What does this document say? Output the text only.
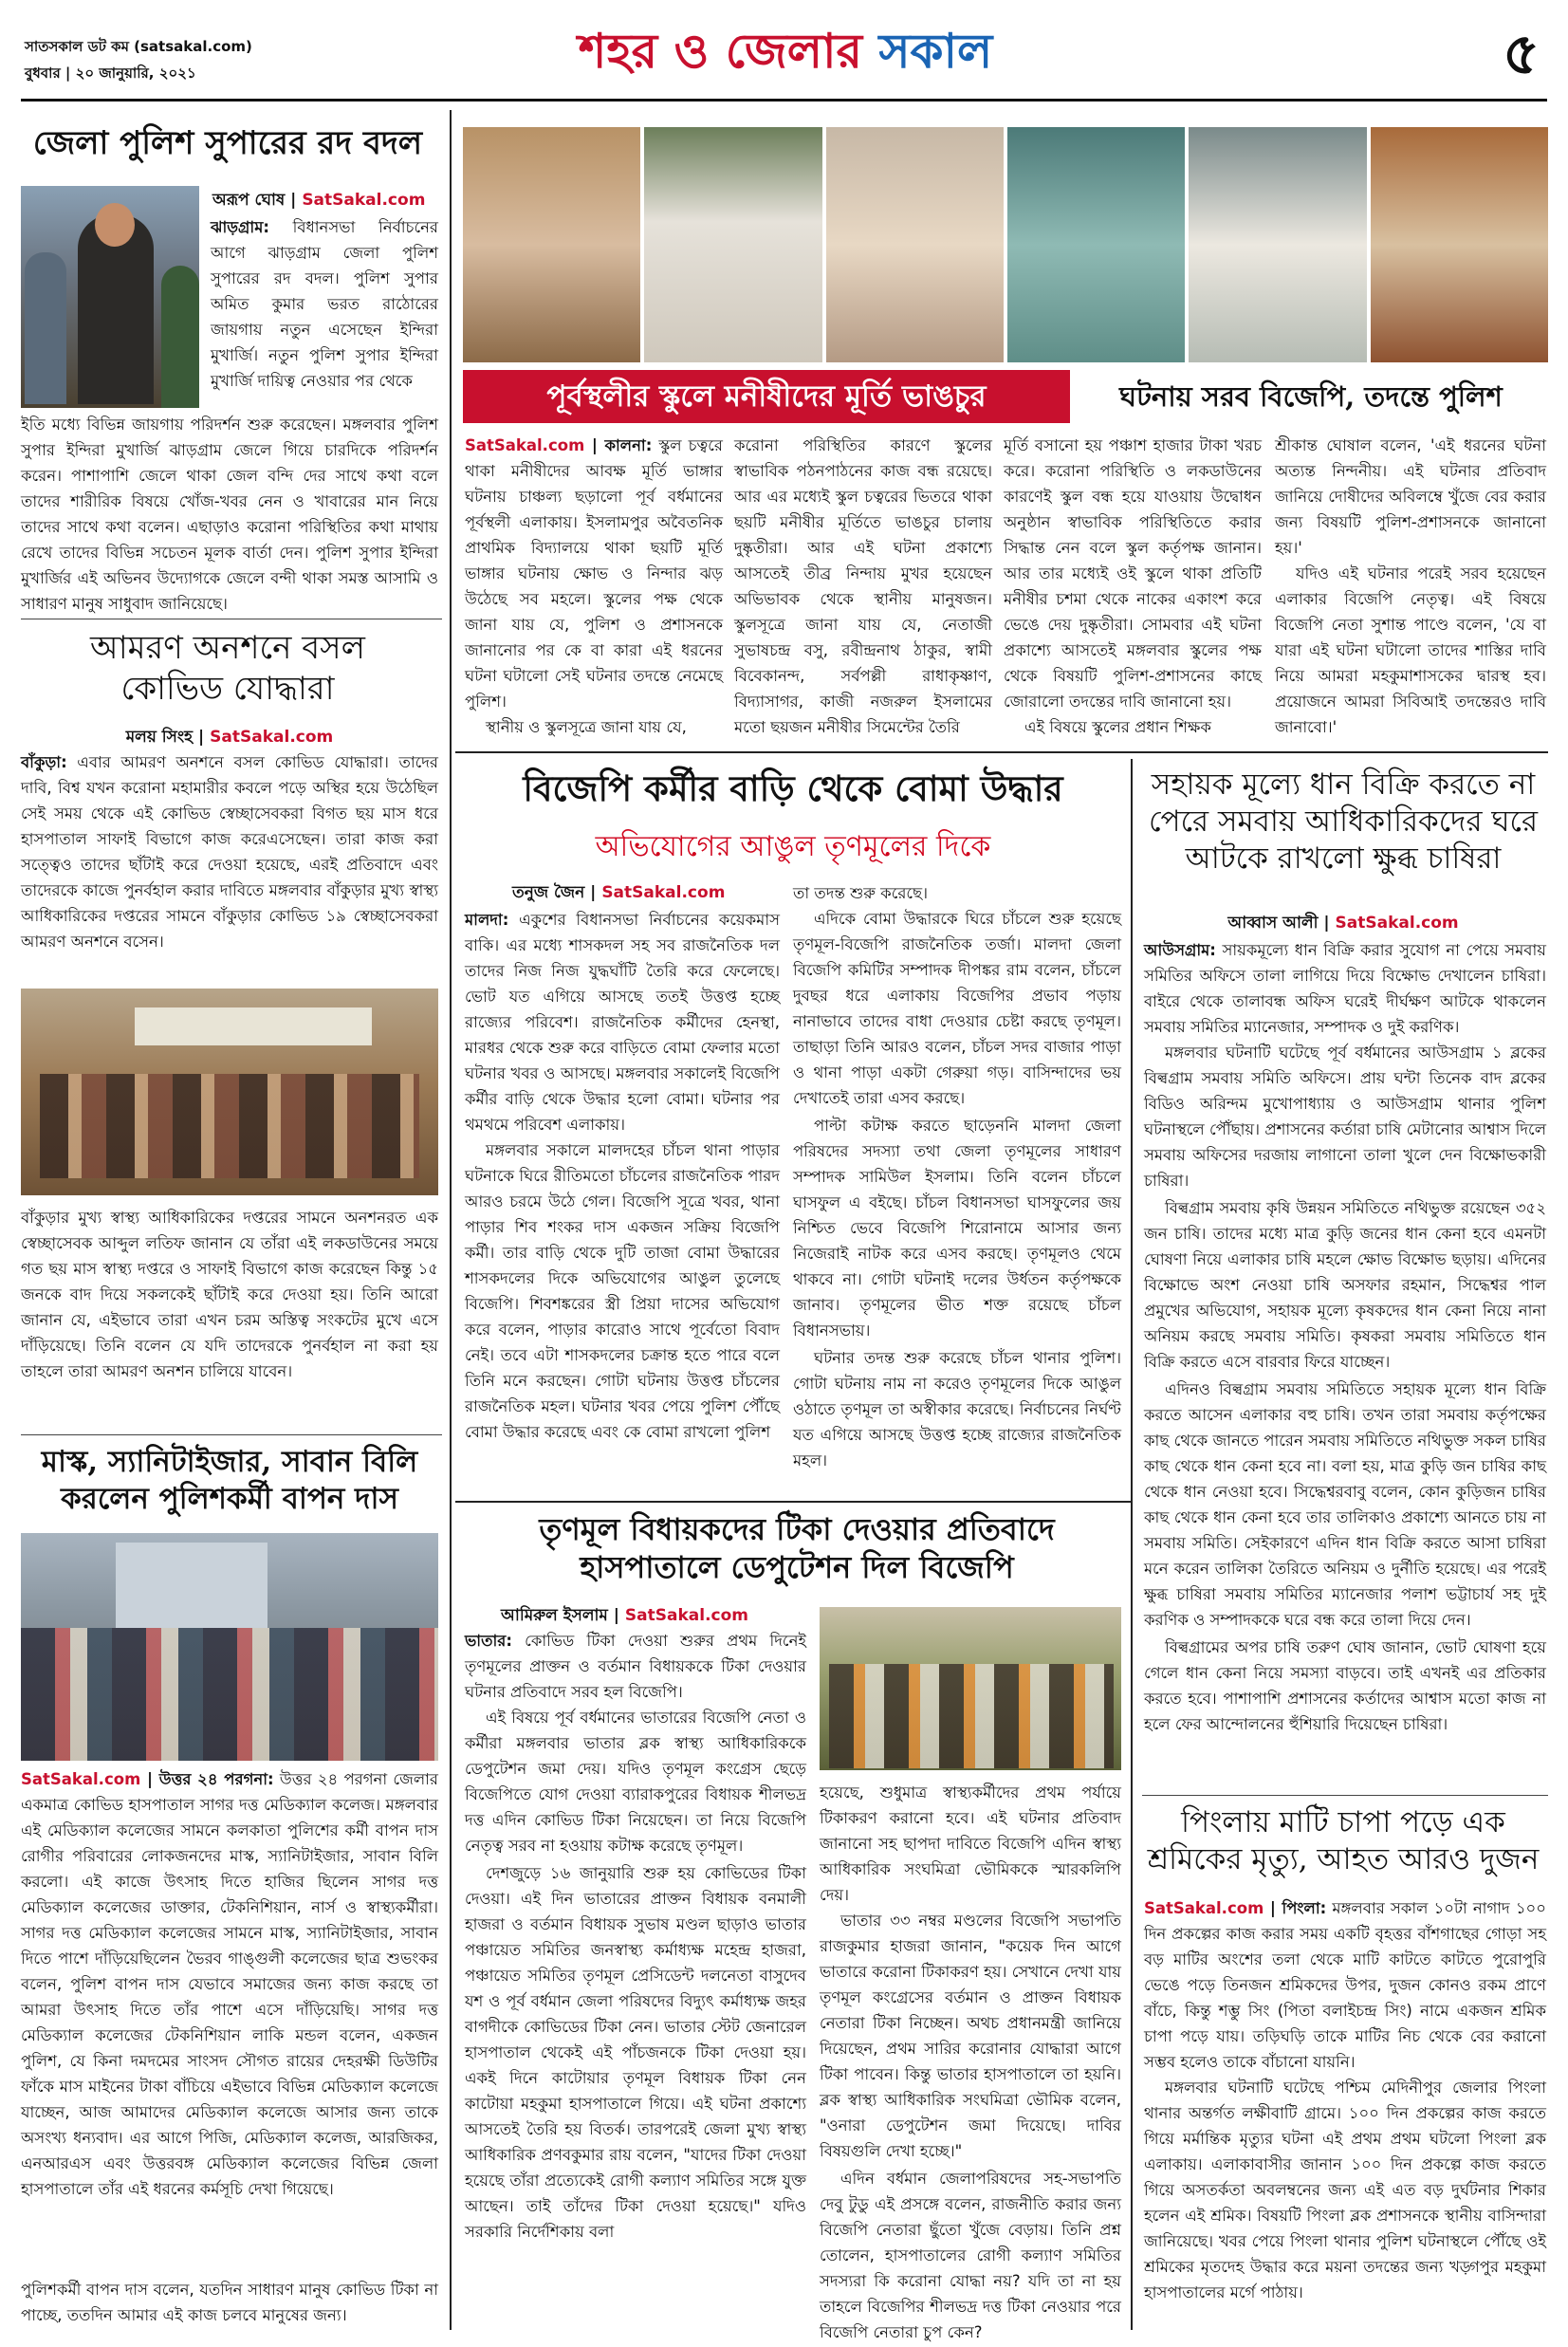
সাতসকাল ডট কম (satsakal.com)
বুধবার | ২০ জানুয়ারি, ২০২১	শহর ও জেলার সকাল	৫
জেলা পুলিশ সুপারের রদ বদল
অরূপ ঘোষ | SatSakal.com
ঝাড়গ্রাম: বিধানসভা নির্বাচনের আগে ঝাড়গ্রাম জেলা পুলিশ সুপারের রদ বদল। পুলিশ সুপার অমিত কুমার ভরত রাঠোরের জায়গায় নতুন এসেছেন ইন্দিরা মুখার্জি। নতুন পুলিশ সুপার ইন্দিরা মুখার্জি দায়িত্ব নেওয়ার পর থেকে
ইতি মধ্যে বিভিন্ন জায়গায় পরিদর্শন শুরু করেছেন। মঙ্গলবার পুলিশ সুপার ইন্দিরা মুখার্জি ঝাড়গ্রাম জেলে গিয়ে চারদিকে পরিদর্শন করেন। পাশাপাশি জেলে থাকা জেল বন্দি দের সাথে কথা বলে তাদের শারীরিক বিষয়ে খোঁজ-খবর নেন ও খাবারের মান নিয়ে তাদের সাথে কথা বলেন। এছাড়াও করোনা পরিস্থিতির কথা মাথায় রেখে তাদের বিভিন্ন সচেতন মূলক বার্তা দেন। পুলিশ সুপার ইন্দিরা মুখার্জির এই অভিনব উদ্যোগকে জেলে বন্দী থাকা সমস্ত আসামি ও সাধারণ মানুষ সাধুবাদ জানিয়েছে।
আমরণ অনশনে বসল কোভিড যোদ্ধারা
মলয় সিংহ | SatSakal.com
বাঁকুড়া: এবার আমরণ অনশনে বসল কোভিড যোদ্ধারা। তাদের দাবি, বিশ্ব যখন করোনা মহামারীর কবলে পড়ে অস্থির হয়ে উঠেছিল সেই সময় থেকে এই কোভিড স্বেচ্ছাসেবকরা বিগত ছয় মাস ধরে হাসপাতাল সাফাই বিভাগে কাজ করেএসেছেন। তারা কাজ করা সত্ত্বেও তাদের ছাঁটাই করে দেওয়া হয়েছে, এরই প্রতিবাদে এবং তাদেরকে কাজে পুনর্বহাল করার দাবিতে মঙ্গলবার বাঁকুড়ার মুখ্য স্বাস্থ্য আধিকারিকের দপ্তরের সামনে বাঁকুড়ার কোভিড ১৯ স্বেচ্ছাসেবকরা আমরণ অনশনে বসেন।
বাঁকুড়ার মুখ্য স্বাস্থ্য আধিকারিকের দপ্তরের সামনে অনশনরত এক স্বেচ্ছাসেবক আব্দুল লতিফ জানান যে তাঁরা এই লকডাউনের সময়ে গত ছয় মাস স্বাস্থ্য দপ্তরে ও সাফাই বিভাগে কাজ করেছেন কিন্তু ১৫ জনকে বাদ দিয়ে সকলকেই ছাঁটাই করে দেওয়া হয়। তিনি আরো জানান যে, এইভাবে তারা এখন চরম অস্তিত্ব সংকটের মুখে এসে দাঁড়িয়েছে। তিনি বলেন যে যদি তাদেরকে পুনর্বহাল না করা হয় তাহলে তারা আমরণ অনশন চালিয়ে যাবেন।
মাস্ক, স্যানিটাইজার, সাবান বিলি করলেন পুলিশকর্মী বাপন দাস
SatSakal.com | উত্তর ২৪ পরগনা: উত্তর ২৪ পরগনা জেলার একমাত্র কোভিড হাসপাতাল সাগর দত্ত মেডিক্যাল কলেজ। মঙ্গলবার এই মেডিক্যাল কলেজের সামনে কলকাতা পুলিশের কর্মী বাপন দাস রোগীর পরিবারের লোকজনদের মাস্ক, স্যানিটাইজার, সাবান বিলি করলো। এই কাজে উৎসাহ দিতে হাজির ছিলেন সাগর দত্ত মেডিক্যাল কলেজের ডাক্তার, টেকনিশিয়ান, নার্স ও স্বাস্থ্যকর্মীরা। সাগর দত্ত মেডিক্যাল কলেজের সামনে মাস্ক, স্যানিটাইজার, সাবান দিতে পাশে দাঁড়িয়েছিলেন ভৈরব গাঙ্গুলী কলেজের ছাত্র শুভংকর বলেন, পুলিশ বাপন দাস যেভাবে সমাজের জন্য কাজ করছে তা আমরা উৎসাহ দিতে তাঁর পাশে এসে দাঁড়িয়েছি। সাগর দত্ত মেডিক্যাল কলেজের টেকনিশিয়ান লাকি মন্ডল বলেন, একজন পুলিশ, যে কিনা দমদমের সাংসদ সৌগত রায়ের দেহরক্ষী ডিউটির ফাঁকে মাস মাইনের টাকা বাঁচিয়ে এইভাবে বিভিন্ন মেডিক্যাল কলেজে যাচ্ছেন, আজ আমাদের মেডিক্যাল কলেজে আসার জন্য তাকে অসংখ্য ধন্যবাদ। এর আগে পিজি, মেডিক্যাল কলেজ, আরজিকর, এনআরএস এবং উত্তরবঙ্গ মেডিক্যাল কলেজের বিভিন্ন জেলা হাসপাতালে তাঁর এই ধরনের কর্মসূচি দেখা গিয়েছে।
পুলিশকর্মী বাপন দাস বলেন, যতদিন সাধারণ মানুষ কোভিড টিকা না পাচ্ছে, ততদিন আমার এই কাজ চলবে মানুষের জন্য।
পূর্বস্থলীর স্কুলে মনীষীদের মূর্তি ভাঙচুর	ঘটনায় সরব বিজেপি, তদন্তে পুলিশ
SatSakal.com | কালনা: স্কুল চত্বরে থাকা মনীষীদের আবক্ষ মূর্তি ভাঙ্গার ঘটনায় চাঞ্চল্য ছড়ালো পূর্ব বর্ধমানের পূর্বস্থলী এলাকায়। ইসলামপুর অবৈতনিক প্রাথমিক বিদ্যালয়ে থাকা ছয়টি মূর্তি ভাঙ্গার ঘটনায় ক্ষোভ ও নিন্দার ঝড় উঠেছে সব মহলে। স্কুলের পক্ষ থেকে জানা যায় যে, পুলিশ ও প্রশাসনকে জানানোর পর কে বা কারা এই ধরনের ঘটনা ঘটালো সেই ঘটনার তদন্তে নেমেছে পুলিশ।

স্থানীয় ও স্কুলসূত্রে জানা যায় যে,

করোনা পরিস্থিতির কারণে স্কুলের স্বাভাবিক পঠনপাঠনের কাজ বন্ধ রয়েছে। আর এর মধ্যেই স্কুল চত্বরের ভিতরে থাকা ছয়টি মনীষীর মূর্তিতে ভাঙচুর চালায় দুষ্কৃতীরা। আর এই ঘটনা প্রকাশ্যে আসতেই তীব্র নিন্দায় মুখর হয়েছেন অভিভাবক থেকে স্থানীয় মানুষজন। স্কুলসূত্রে জানা যায় যে, নেতাজী সুভাষচন্দ্র বসু, রবীন্দ্রনাথ ঠাকুর, স্বামী বিবেকানন্দ, সর্বপল্লী রাধাকৃষ্ণাণ, বিদ্যাসাগর, কাজী নজরুল ইসলামের মতো ছয়জন মনীষীর সিমেন্টের তৈরি
মূর্তি বসানো হয় পঞ্চাশ হাজার টাকা খরচ করে। করোনা পরিস্থিতি ও লকডাউনের কারণেই স্কুল বন্ধ হয়ে যাওয়ায় উদ্বোধন অনুষ্ঠান স্বাভাবিক পরিস্থিতিতে করার সিদ্ধান্ত নেন বলে স্কুল কর্তৃপক্ষ জানান। আর তার মধ্যেই ওই স্কুলে থাকা প্রতিটি মনীষীর চশমা থেকে নাকের একাংশ করে ভেঙে দেয় দুষ্কৃতীরা। সোমবার এই ঘটনা প্রকাশ্যে আসতেই মঙ্গলবার স্কুলের পক্ষ থেকে বিষয়টি পুলিশ-প্রশাসনের কাছে জোরালো তদন্তের দাবি জানানো হয়।

এই বিষয়ে স্কুলের প্রধান শিক্ষক

শ্রীকান্ত ঘোষাল বলেন, 'এই ধরনের ঘটনা অত্যন্ত নিন্দনীয়। এই ঘটনার প্রতিবাদ জানিয়ে দোষীদের অবিলম্বে খুঁজে বের করার জন্য বিষয়টি পুলিশ-প্রশাসনকে জানানো হয়।'

যদিও এই ঘটনার পরেই সরব হয়েছেন এলাকার বিজেপি নেতৃত্ব। এই বিষয়ে বিজেপি নেতা সুশান্ত পাণ্ডে বলেন, 'যে বা যারা এই ঘটনা ঘটালো তাদের শাস্তির দাবি নিয়ে আমরা মহকুমাশাসকের দ্বারস্থ হব। প্রয়োজনে আমরা সিবিআই তদন্তেরও দাবি জানাবো।'

বিজেপি কর্মীর বাড়ি থেকে বোমা উদ্ধার
অভিযোগের আঙুল তৃণমূলের দিকে
তনুজ জৈন | SatSakal.com
মালদা: একুশের বিধানসভা নির্বাচনের কয়েকমাস বাকি। এর মধ্যে শাসকদল সহ সব রাজনৈতিক দল তাদের নিজ নিজ যুদ্ধঘাঁটি তৈরি করে ফেলেছে। ভোট যত এগিয়ে আসছে ততই উত্তপ্ত হচ্ছে রাজ্যের পরিবেশ। রাজনৈতিক কর্মীদের হেনস্থা, মারধর থেকে শুরু করে বাড়িতে বোমা ফেলার মতো ঘটনার খবর ও আসছে। মঙ্গলবার সকালেই বিজেপি কর্মীর বাড়ি থেকে উদ্ধার হলো বোমা। ঘটনার পর থমথমে পরিবেশ এলাকায়।

মঙ্গলবার সকালে মালদহের চাঁচল থানা পাড়ার ঘটনাকে ঘিরে রীতিমতো চাঁচলের রাজনৈতিক পারদ আরও চরমে উঠে গেল। বিজেপি সূত্রে খবর, থানা পাড়ার শিব শংকর দাস একজন সক্রিয় বিজেপি কর্মী। তার বাড়ি থেকে দুটি তাজা বোমা উদ্ধারের শাসকদলের দিকে অভিযোগের আঙুল তুলেছে বিজেপি। শিবশঙ্করের স্ত্রী প্রিয়া দাসের অভিযোগ করে বলেন, পাড়ার কারোও সাথে পূর্বেতো বিবাদ নেই। তবে এটা শাসকদলের চক্রান্ত হতে পারে বলে তিনি মনে করছেন। গোটা ঘটনায় উত্তপ্ত চাঁচলের রাজনৈতিক মহল। ঘটনার খবর পেয়ে পুলিশ পৌঁছে বোমা উদ্ধার করেছে এবং কে বোমা রাখলো পুলিশ

তা তদন্ত শুরু করেছে।

এদিকে বোমা উদ্ধারকে ঘিরে চাঁচলে শুরু হয়েছে তৃণমূল-বিজেপি রাজনৈতিক তর্জা। মালদা জেলা বিজেপি কমিটির সম্পাদক দীপঙ্কর রাম বলেন, চাঁচলে দুবছর ধরে এলাকায় বিজেপির প্রভাব পড়ায় নানাভাবে তাদের বাধা দেওয়ার চেষ্টা করছে তৃণমূল। তাছাড়া তিনি আরও বলেন, চাঁচল সদর বাজার পাড়া ও থানা পাড়া একটা গেরুয়া গড়। বাসিন্দাদের ভয় দেখাতেই তারা এসব করছে।

পাল্টা কটাক্ষ করতে ছাড়েননি মালদা জেলা পরিষদের সদস্যা তথা জেলা তৃণমূলের সাধারণ সম্পাদক সামিউল ইসলাম। তিনি বলেন চাঁচলে ঘাসফুল এ বইছে। চাঁচল বিধানসভা ঘাসফুলের জয় নিশ্চিত ভেবে বিজেপি শিরোনামে আসার জন্য নিজেরাই নাটক করে এসব করছে। তৃণমূলও থেমে থাকবে না। গোটা ঘটনাই দলের উর্ধতন কর্তৃপক্ষকে জানাব। তৃণমূলের ভীত শক্ত রয়েছে চাঁচল বিধানসভায়।

ঘটনার তদন্ত শুরু করেছে চাঁচল থানার পুলিশ। গোটা ঘটনায় নাম না করেও তৃণমূলের দিকে আঙুল ওঠাতে তৃণমূল তা অস্বীকার করেছে। নির্বাচনের নির্ঘণ্ট যত এগিয়ে আসছে উত্তপ্ত হচ্ছে রাজ্যের রাজনৈতিক মহল।

তৃণমূল বিধায়কদের টিকা দেওয়ার প্রতিবাদে হাসপাতালে ডেপুটেশন দিল বিজেপি
আমিরুল ইসলাম | SatSakal.com
ভাতার: কোভিড টিকা দেওয়া শুরুর প্রথম দিনেই তৃণমূলের প্রাক্তন ও বর্তমান বিধায়ককে টিকা দেওয়ার ঘটনার প্রতিবাদে সরব হল বিজেপি।

এই বিষয়ে পূর্ব বর্ধমানের ভাতারের বিজেপি নেতা ও কর্মীরা মঙ্গলবার ভাতার ব্লক স্বাস্থ্য আধিকারিককে ডেপুটেশন জমা দেয়। যদিও তৃণমূল কংগ্রেস ছেড়ে বিজেপিতে যোগ দেওয়া ব্যারাকপুরের বিধায়ক শীলভদ্র দত্ত এদিন কোভিড টিকা নিয়েছেন। তা নিয়ে বিজেপি নেতৃত্ব সরব না হওয়ায় কটাক্ষ করেছে তৃণমূল।

দেশজুড়ে ১৬ জানুয়ারি শুরু হয় কোভিডের টিকা দেওয়া। এই দিন ভাতারের প্রাক্তন বিধায়ক বনমালী হাজরা ও বর্তমান বিধায়ক সুভাষ মণ্ডল ছাড়াও ভাতার পঞ্চায়েত সমিতির জনস্বাস্থ্য কর্মাধ্যক্ষ মহেন্দ্র হাজরা, পঞ্চায়েত সমিতির তৃণমূল প্রেসিডেন্ট দলনেতা বাসুদেব যশ ও পূর্ব বর্ধমান জেলা পরিষদের বিদ্যুৎ কর্মাধ্যক্ষ জহর বাগদীকে কোভিডের টিকা নেন। ভাতার স্টেট জেনারেল হাসপাতাল থেকেই এই পাঁচজনকে টিকা দেওয়া হয়। একই দিনে কাটোয়ার তৃণমূল বিধায়ক টিকা নেন কাটোয়া মহকুমা হাসপাতালে গিয়ে। এই ঘটনা প্রকাশ্যে আসতেই তৈরি হয় বিতর্ক। তারপরেই জেলা মুখ্য স্বাস্থ্য আধিকারিক প্রণবকুমার রায় বলেন, "যাদের টিকা দেওয়া হয়েছে তাঁরা প্রত্যেকেই রোগী কল্যাণ সমিতির সঙ্গে যুক্ত আছেন। তাই তাঁদের টিকা দেওয়া হয়েছে।" যদিও সরকারি নির্দেশিকায় বলা

হয়েছে, শুধুমাত্র স্বাস্থ্যকর্মীদের প্রথম পর্যায়ে টিকাকরণ করানো হবে। এই ঘটনার প্রতিবাদ জানানো সহ ছাপদা দাবিতে বিজেপি এদিন স্বাস্থ্য আধিকারিক সংঘমিত্রা ভৌমিককে স্মারকলিপি দেয়।

ভাতার ৩৩ নম্বর মণ্ডলের বিজেপি সভাপতি রাজকুমার হাজরা জানান, "কয়েক দিন আগে ভাতারে করোনা টিকাকরণ হয়। সেখানে দেখা যায় তৃণমূল কংগ্রেসের বর্তমান ও প্রাক্তন বিধায়ক নেতারা টিকা নিচ্ছেন। অথচ প্রধানমন্ত্রী জানিয়ে দিয়েছেন, প্রথম সারির করোনার যোদ্ধারা আগে টিকা পাবেন। কিন্তু ভাতার হাসপাতালে তা হয়নি। ব্লক স্বাস্থ্য আধিকারিক সংঘমিত্রা ভৌমিক বলেন, "ওনারা ডেপুটেশন জমা দিয়েছে। দাবির বিষয়গুলি দেখা হচ্ছে।"

এদিন বর্ধমান জেলাপরিষদের সহ-সভাপতি দেবু টুডু এই প্রসঙ্গে বলেন, রাজনীতি করার জন্য বিজেপি নেতারা ছুঁতো খুঁজে বেড়ায়। তিনি প্রশ্ন তোলেন, হাসপাতালের রোগী কল্যাণ সমিতির সদস্যরা কি করোনা যোদ্ধা নয়? যদি তা না হয় তাহলে বিজেপির শীলভদ্র দত্ত টিকা নেওয়ার পরে বিজেপি নেতারা চুপ কেন?

সহায়ক মূল্যে ধান বিক্রি করতে না পেরে সমবায় আধিকারিকদের ঘরে আটকে রাখলো ক্ষুব্ধ চাষিরা
আব্বাস আলী | SatSakal.com
আউসগ্রাম: সায়কমূল্যে ধান বিক্রি করার সুযোগ না পেয়ে সমবায় সমিতির অফিসে তালা লাগিয়ে দিয়ে বিক্ষোভ দেখালেন চাষিরা। বাইরে থেকে তালাবন্ধ অফিস ঘরেই দীর্ঘক্ষণ আটকে থাকলেন সমবায় সমিতির ম্যানেজার, সম্পাদক ও দুই করণিক।

মঙ্গলবার ঘটনাটি ঘটেছে পূর্ব বর্ধমানের আউসগ্রাম ১ ব্লকের বিল্বগ্রাম সমবায় সমিতি অফিসে। প্রায় ঘন্টা তিনেক বাদ ব্লকের বিডিও অরিন্দম মুখোপাধ্যায় ও আউসগ্রাম থানার পুলিশ ঘটনাস্থলে পৌঁছায়। প্রশাসনের কর্তারা চাষি মেটানোর আশ্বাস দিলে সমবায় অফিসের দরজায় লাগানো তালা খুলে দেন বিক্ষোভকারী চাষিরা।

বিল্বগ্রাম সমবায় কৃষি উন্নয়ন সমিতিতে নথিভুক্ত রয়েছেন ৩৫২ জন চাষি। তাদের মধ্যে মাত্র কুড়ি জনের ধান কেনা হবে এমনটা ঘোষণা নিয়ে এলাকার চাষি মহলে ক্ষোভ বিক্ষোভ ছড়ায়। এদিনের বিক্ষোভে অংশ নেওয়া চাষি অসফার রহমান, সিদ্ধেশ্বর পাল প্রমুখের অভিযোগ, সহায়ক মূল্যে কৃষকদের ধান কেনা নিয়ে নানা অনিয়ম করছে সমবায় সমিতি। কৃষকরা সমবায় সমিতিতে ধান বিক্রি করতে এসে বারবার ফিরে যাচ্ছেন।

এদিনও বিল্বগ্রাম সমবায় সমিতিতে সহায়ক মূল্যে ধান বিক্রি করতে আসেন এলাকার বহু চাষি। তখন তারা সমবায় কর্তৃপক্ষের কাছ থেকে জানতে পারেন সমবায় সমিতিতে নথিভুক্ত সকল চাষির কাছ থেকে ধান কেনা হবে না। বলা হয়, মাত্র কুড়ি জন চাষির কাছ থেকে ধান নেওয়া হবে। সিদ্ধেশ্বরবাবু বলেন, কোন কুড়িজন চাষির কাছ থেকে ধান কেনা হবে তার তালিকাও প্রকাশ্যে আনতে চায় না সমবায় সমিতি। সেইকারণে এদিন ধান বিক্রি করতে আসা চাষিরা মনে করেন তালিকা তৈরিতে অনিয়ম ও দুর্নীতি হয়েছে। এর পরেই ক্ষুব্ধ চাষিরা সমবায় সমিতির ম্যানেজার পলাশ ভট্টাচার্য সহ দুই করণিক ও সম্পাদককে ঘরে বন্ধ করে তালা দিয়ে দেন।

বিল্বগ্রামের অপর চাষি তরুণ ঘোষ জানান, ভোট ঘোষণা হয়ে গেলে ধান কেনা নিয়ে সমস্যা বাড়বে। তাই এখনই এর প্রতিকার করতে হবে। পাশাপাশি প্রশাসনের কর্তাদের আশ্বাস মতো কাজ না হলে ফের আন্দোলনের হুঁশিয়ারি দিয়েছেন চাষিরা।

পিংলায় মাটি চাপা পড়ে এক শ্রমিকের মৃত্যু, আহত আরও দুজন
SatSakal.com | পিংলা: মঙ্গলবার সকাল ১০টা নাগাদ ১০০ দিন প্রকল্পের কাজ করার সময় একটি বৃহত্তর বাঁশগাছের গোড়া সহ বড় মাটির অংশের তলা থেকে মাটি কাটতে কাটতে পুরোপুরি ভেঙে পড়ে তিনজন শ্রমিকদের উপর, দুজন কোনও রকম প্রাণে বাঁচে, কিন্তু শম্ভু সিং (পিতা বলাইচন্দ্র সিং) নামে একজন শ্রমিক চাপা পড়ে যায়। তড়িঘড়ি তাকে মাটির নিচ থেকে বের করানো সম্ভব হলেও তাকে বাঁচানো যায়নি।

মঙ্গলবার ঘটনাটি ঘটেছে পশ্চিম মেদিনীপুর জেলার পিংলা থানার অন্তর্গত লক্ষীবাটি গ্রামে। ১০০ দিন প্রকল্পের কাজ করতে গিয়ে মর্মান্তিক মৃত্যুর ঘটনা এই প্রথম প্রথম ঘটলো পিংলা ব্লক এলাকায়। এলাকাবাসীর জানান ১০০ দিন প্রকল্পে কাজ করতে গিয়ে অসতর্কতা অবলম্বনের জন্য এই এত বড় দুর্ঘটনার শিকার হলেন এই শ্রমিক। বিষয়টি পিংলা ব্লক প্রশাসনকে স্থানীয় বাসিন্দারা জানিয়েছে। খবর পেয়ে পিংলা থানার পুলিশ ঘটনাস্থলে পৌঁছে ওই শ্রমিকের মৃতদেহ উদ্ধার করে ময়না তদন্তের জন্য খড়্গপুর মহকুমা হাসপাতালের মর্গে পাঠায়।
